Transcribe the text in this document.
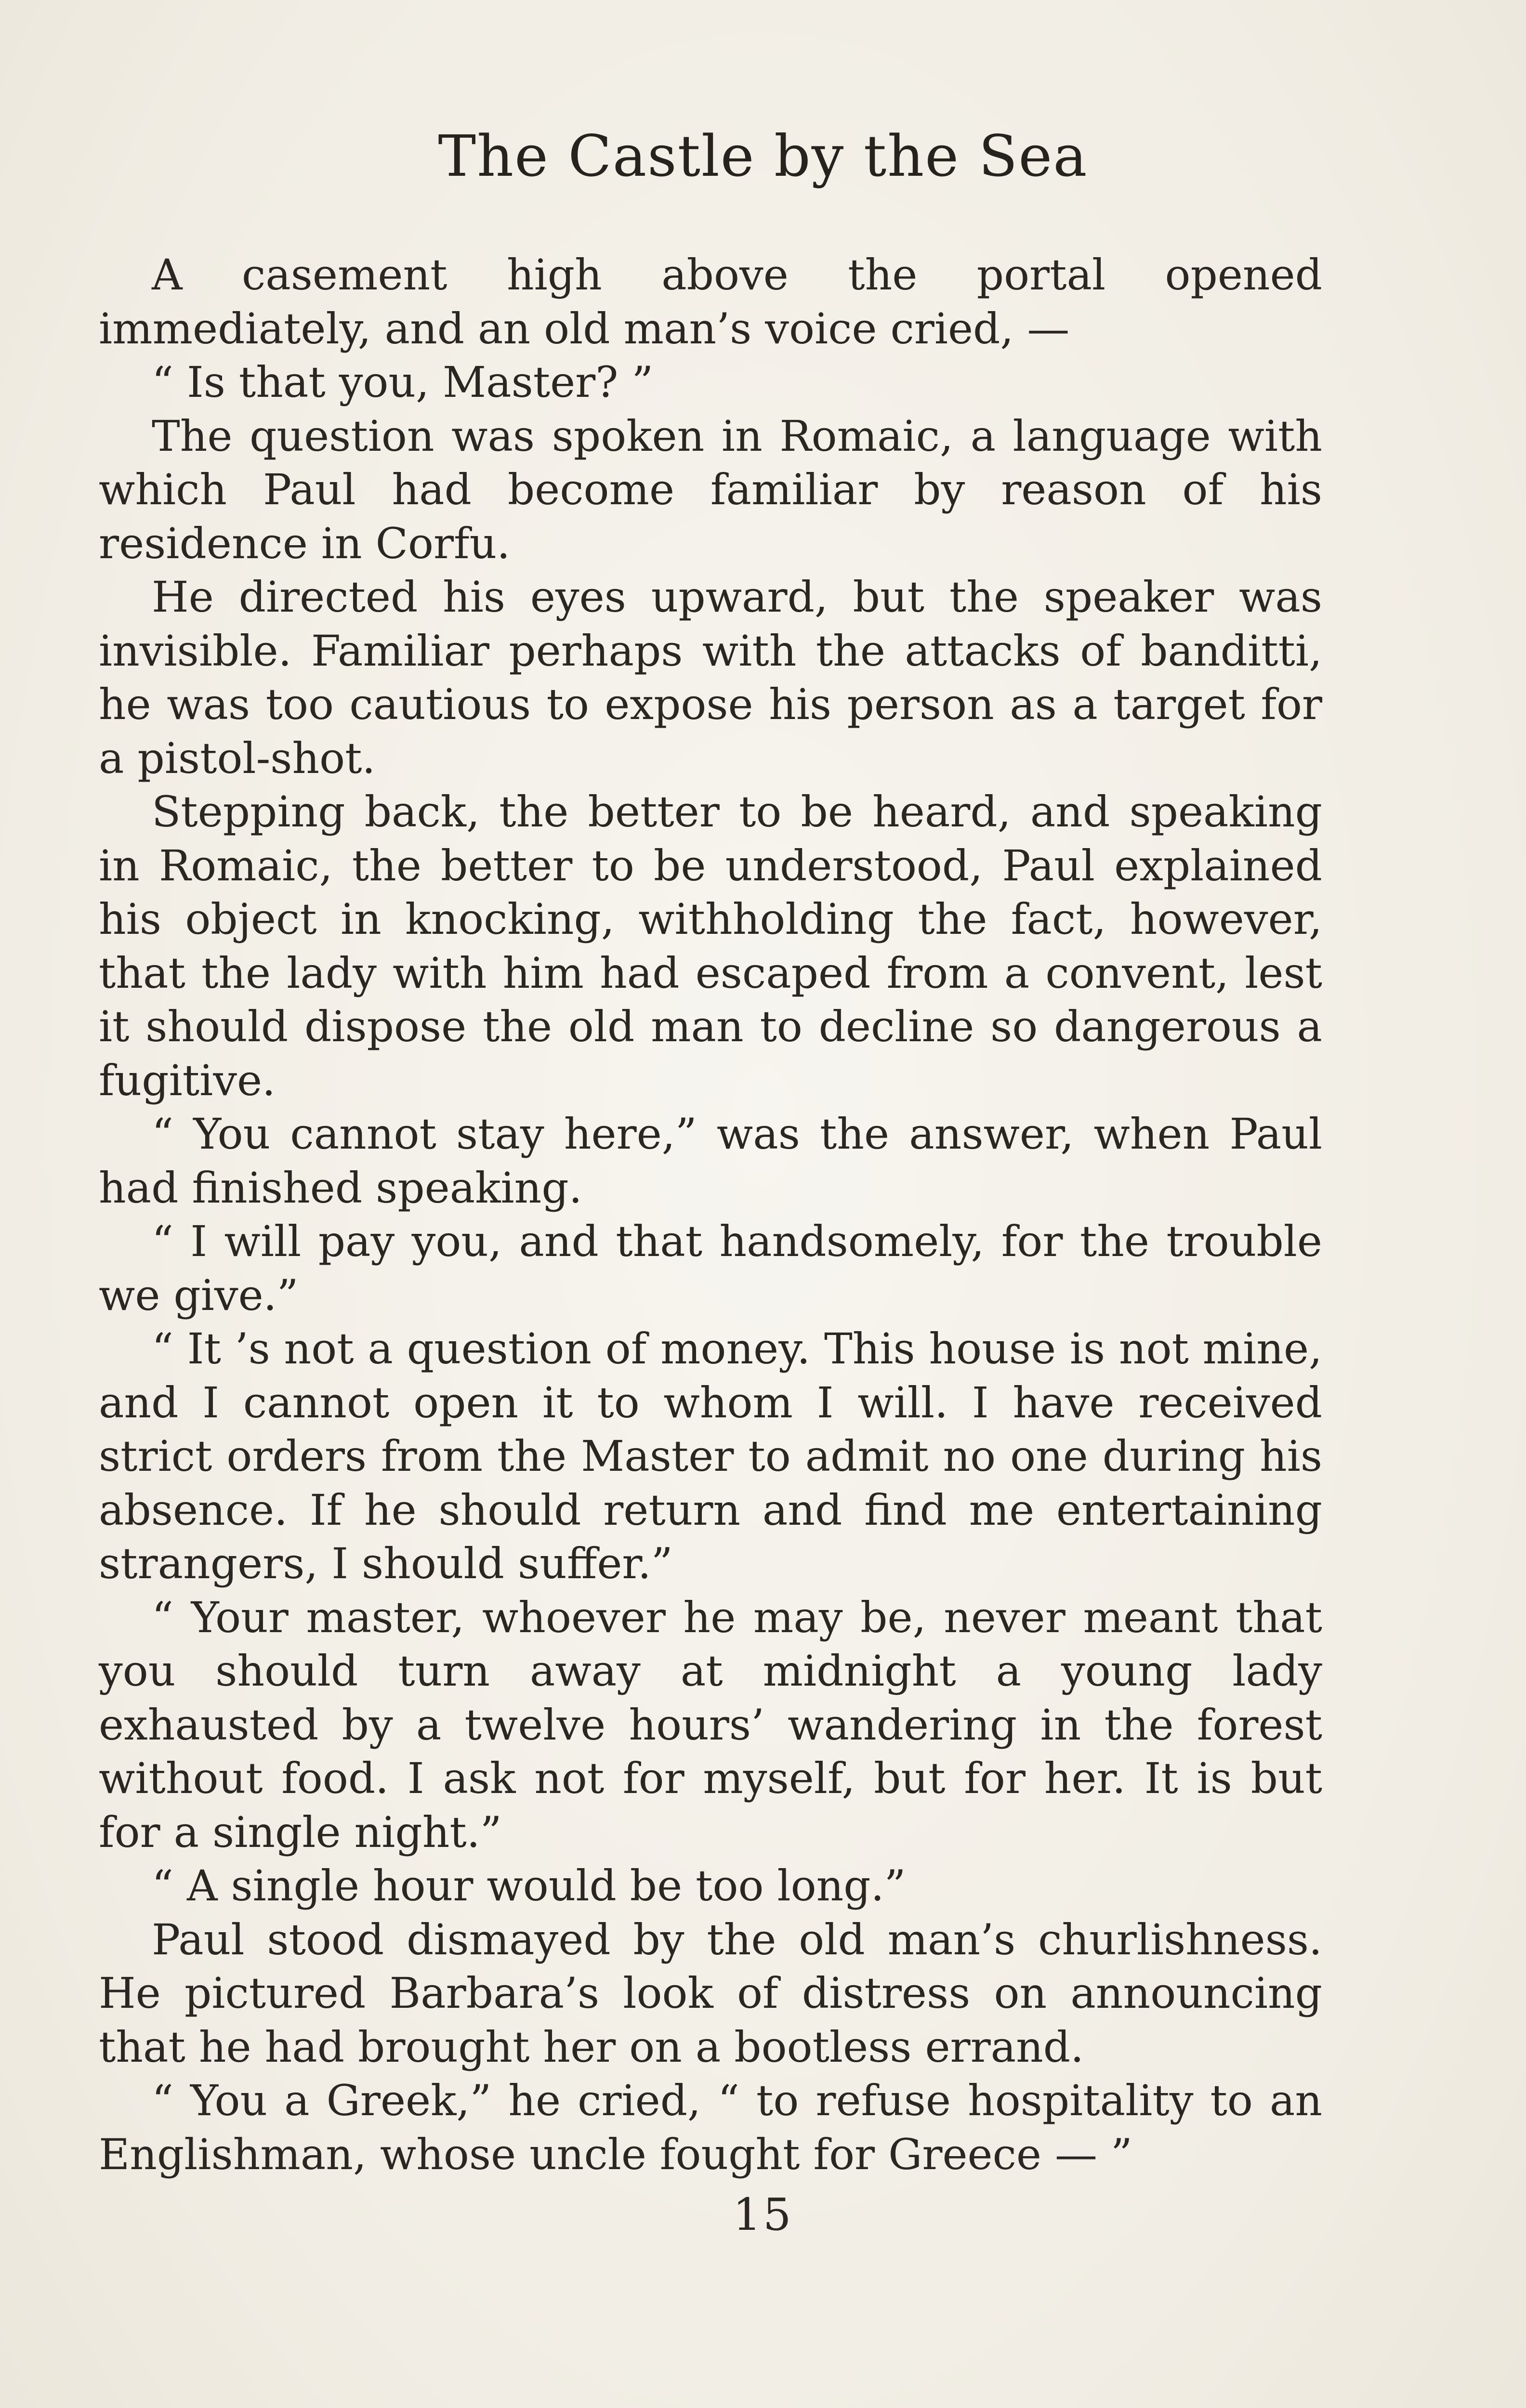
The Castle by the Sea

A casement high above the portal opened immediately, and an old man’s voice cried, —

“ Is that you, Master? ”

The question was spoken in Romaic, a language with which Paul had become familiar by reason of his residence in Corfu.

He directed his eyes upward, but the speaker was invisible. Familiar perhaps with the attacks of banditti, he was too cautious to expose his person as a target for a pistol-shot.

Stepping back, the better to be heard, and speaking in Romaic, the better to be understood, Paul explained his object in knocking, withholding the fact, however, that the lady with him had escaped from a convent, lest it should dispose the old man to decline so dangerous a fugitive.

“ You cannot stay here,” was the answer, when Paul had finished speaking.

“ I will pay you, and that handsomely, for the trouble we give.”

“ It ’s not a question of money. This house is not mine, and I cannot open it to whom I will. I have received strict orders from the Master to admit no one during his absence. If he should return and find me entertaining strangers, I should suffer.”

“ Your master, whoever he may be, never meant that you should turn away at midnight a young lady exhausted by a twelve hours’ wandering in the forest without food. I ask not for myself, but for her. It is but for a single night.”

“ A single hour would be too long.”

Paul stood dismayed by the old man’s churlishness. He pictured Barbara’s look of distress on announcing that he had brought her on a bootless errand.

“ You a Greek,” he cried, “ to refuse hospitality to an Englishman, whose uncle fought for Greece — ”

15
